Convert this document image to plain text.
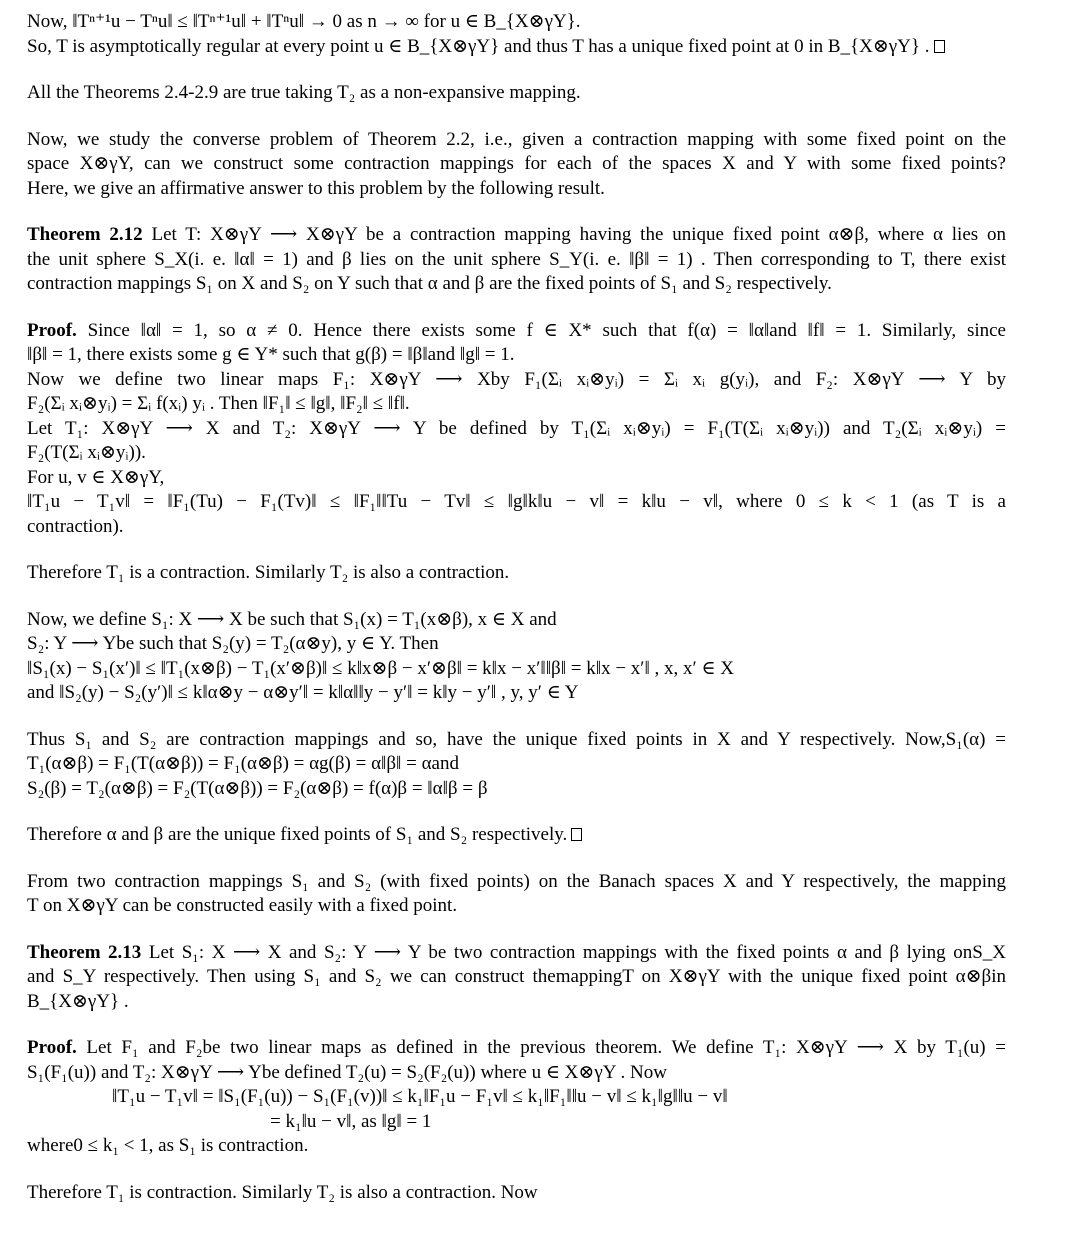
Now, ‖Tⁿ⁺¹u − Tⁿu‖ ≤ ‖Tⁿ⁺¹u‖ + ‖Tⁿu‖ → 0 as n → ∞ for u ∈ B_{X⊗γY}.

So, T is asymptotically regular at every point u ∈ B_{X⊗γY} and thus T has a unique fixed point at 0 in B_{X⊗γY} .

All the Theorems 2.4-2.9 are true taking T₂ as a non-expansive mapping.

Now, we study the converse problem of Theorem 2.2, i.e., given a contraction mapping with some fixed point on the

space X⊗γY, can we construct some contraction mappings for each of the spaces X and Y with some fixed points?

Here, we give an affirmative answer to this problem by the following result.

Theorem 2.12 Let T: X⊗γY ⟶ X⊗γY be a contraction mapping having the unique fixed point α⊗β, where α lies on

the unit sphere S_X(i. e. ‖α‖ = 1) and β lies on the unit sphere S_Y(i. e. ‖β‖ = 1) . Then corresponding to T, there exist

contraction mappings S₁ on X and S₂ on Y such that α and β are the fixed points of S₁ and S₂ respectively.

Proof. Since ‖α‖ = 1, so α ≠ 0. Hence there exists some f ∈ X* such that f(α) = ‖α‖and ‖f‖ = 1. Similarly, since

‖β‖ = 1, there exists some g ∈ Y* such that g(β) = ‖β‖and ‖g‖ = 1.

Now we define two linear maps F₁: X⊗γY ⟶ Xby F₁(Σᵢ xᵢ⊗yᵢ) = Σᵢ xᵢ g(yᵢ), and F₂: X⊗γY ⟶ Y by

F₂(Σᵢ xᵢ⊗yᵢ) = Σᵢ f(xᵢ) yᵢ . Then ‖F₁‖ ≤ ‖g‖, ‖F₂‖ ≤ ‖f‖.

Let T₁: X⊗γY ⟶ X and T₂: X⊗γY ⟶ Y be defined by T₁(Σᵢ xᵢ⊗yᵢ) = F₁(T(Σᵢ xᵢ⊗yᵢ)) and T₂(Σᵢ xᵢ⊗yᵢ) =

F₂(T(Σᵢ xᵢ⊗yᵢ)).

For u, v ∈ X⊗γY,

‖T₁u − T₁v‖ = ‖F₁(Tu) − F₁(Tv)‖ ≤ ‖F₁‖‖Tu − Tv‖ ≤ ‖g‖k‖u − v‖ = k‖u − v‖, where 0 ≤ k < 1 (as T is a

contraction).

Therefore T₁ is a contraction. Similarly T₂ is also a contraction.

Now, we define S₁: X ⟶ X be such that S₁(x) = T₁(x⊗β), x ∈ X and

S₂: Y ⟶ Ybe such that S₂(y) = T₂(α⊗y), y ∈ Y. Then

‖S₁(x) − S₁(x′)‖ ≤ ‖T₁(x⊗β) − T₁(x′⊗β)‖ ≤ k‖x⊗β − x′⊗β‖ = k‖x − x′‖‖β‖ = k‖x − x′‖ , x, x′ ∈ X

and ‖S₂(y) − S₂(y′)‖ ≤ k‖α⊗y − α⊗y′‖ = k‖α‖‖y − y′‖ = k‖y − y′‖ , y, y′ ∈ Y

Thus S₁ and S₂ are contraction mappings and so, have the unique fixed points in X and Y respectively. Now,S₁(α) =

T₁(α⊗β) = F₁(T(α⊗β)) = F₁(α⊗β) = αg(β) = α‖β‖ = αand

S₂(β) = T₂(α⊗β) = F₂(T(α⊗β)) = F₂(α⊗β) = f(α)β = ‖α‖β = β

Therefore α and β are the unique fixed points of S₁ and S₂ respectively.

From two contraction mappings S₁ and S₂ (with fixed points) on the Banach spaces X and Y respectively, the mapping

T on X⊗γY can be constructed easily with a fixed point.

Theorem 2.13 Let S₁: X ⟶ X and S₂: Y ⟶ Y be two contraction mappings with the fixed points α and β lying onS_X

and S_Y respectively. Then using S₁ and S₂ we can construct themappingT on X⊗γY with the unique fixed point α⊗βin

B_{X⊗γY} .

Proof. Let F₁ and F₂be two linear maps as defined in the previous theorem. We define T₁: X⊗γY ⟶ X by T₁(u) =

S₁(F₁(u)) and T₂: X⊗γY ⟶ Ybe defined T₂(u) = S₂(F₂(u)) where u ∈ X⊗γY . Now

‖T₁u − T₁v‖ = ‖S₁(F₁(u)) − S₁(F₁(v))‖ ≤ k₁‖F₁u − F₁v‖ ≤ k₁‖F₁‖‖u − v‖ ≤ k₁‖g‖‖u − v‖

= k₁‖u − v‖, as ‖g‖ = 1

where0 ≤ k₁ < 1, as S₁ is contraction.

Therefore T₁ is contraction. Similarly T₂ is also a contraction. Now
